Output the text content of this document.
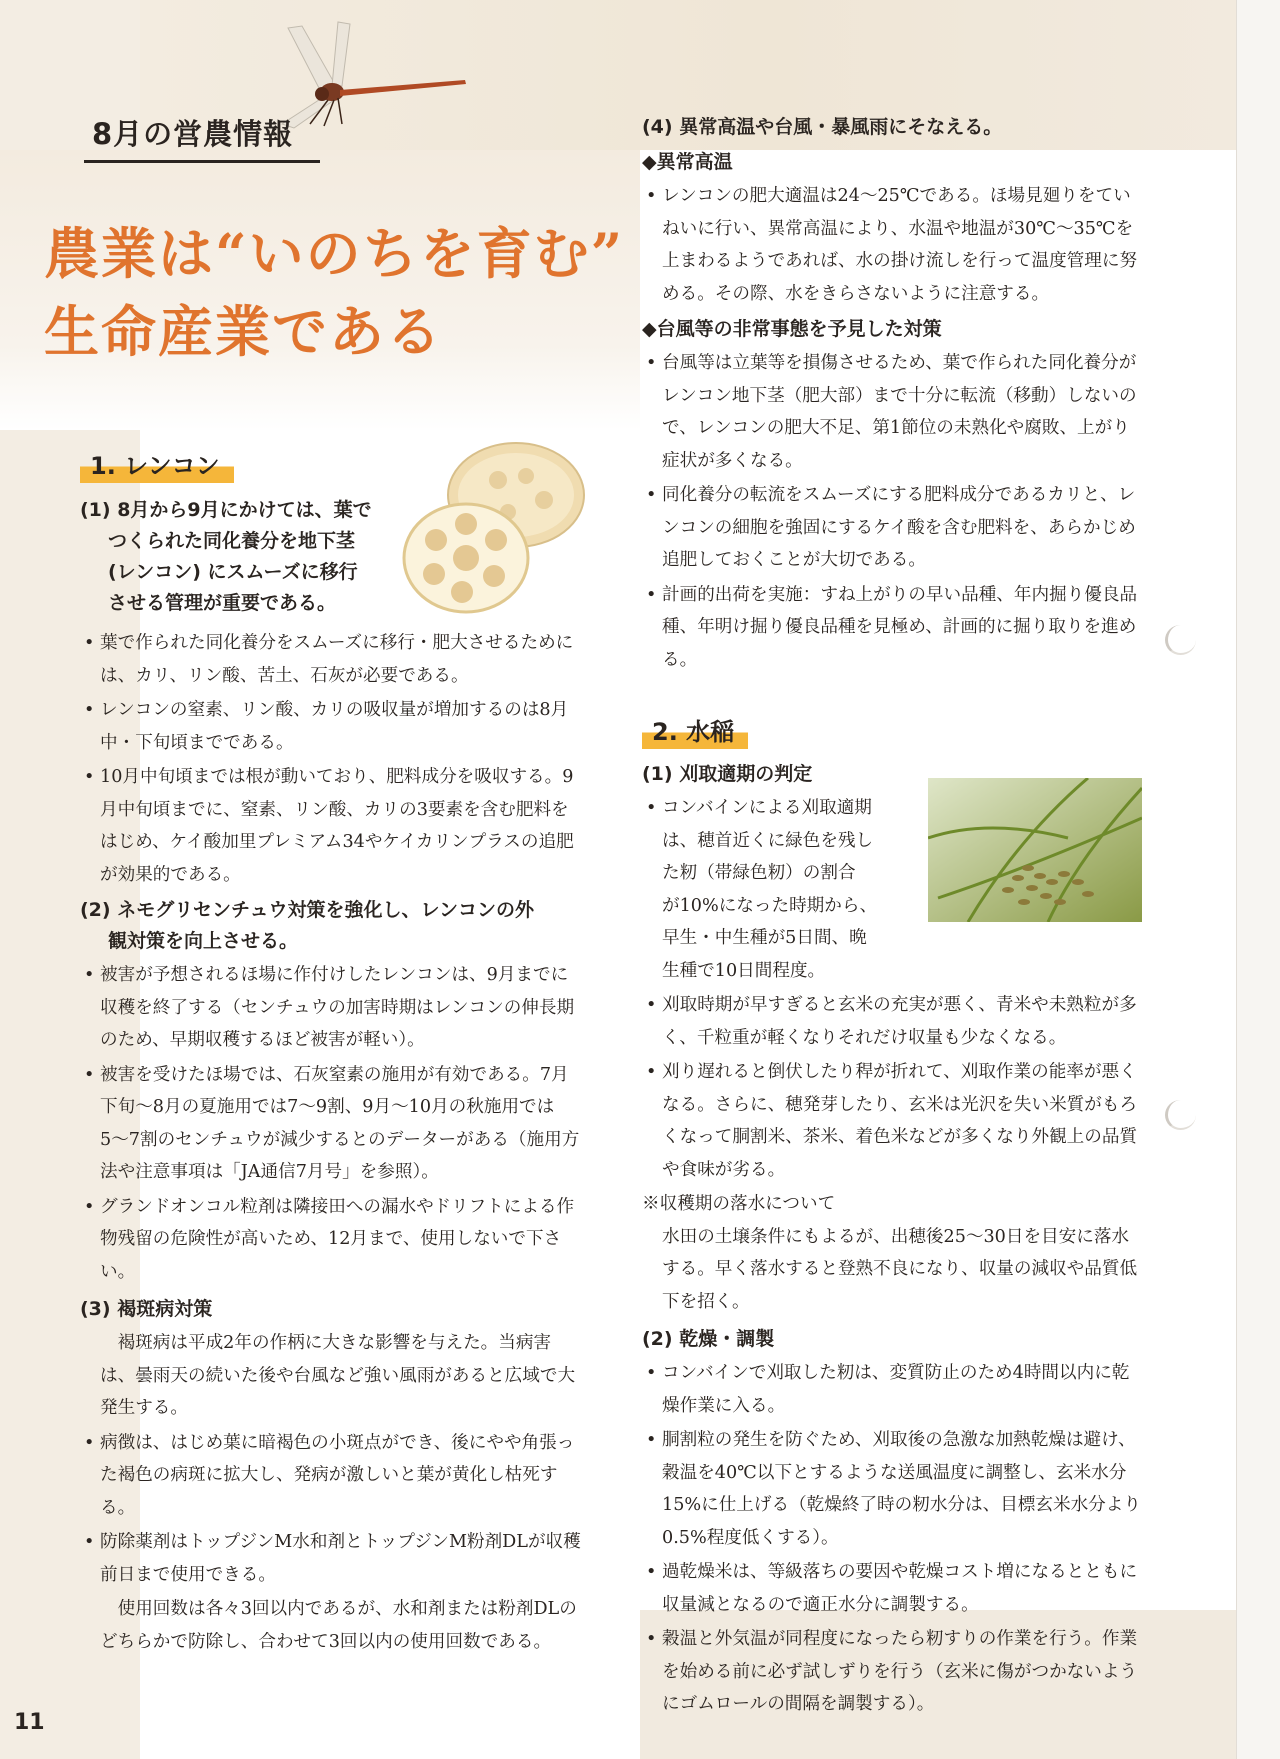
8月の営農情報
農業は“いのちを育む”
生命産業である
1. レンコン
(1) 8月から9月にかけては、葉で
つくられた同化養分を地下茎
(レンコン) にスムーズに移行
させる管理が重要である。
• 葉で作られた同化養分をスムーズに移行・肥大させるためには、カリ、リン酸、苦土、石灰が必要である。
• レンコンの窒素、リン酸、カリの吸収量が増加するのは8月中・下旬頃までである。
• 10月中旬頃までは根が動いており、肥料成分を吸収する。9月中旬頃までに、窒素、リン酸、カリの3要素を含む肥料をはじめ、ケイ酸加里プレミアム34やケイカリンプラスの追肥が効果的である。
(2) ネモグリセンチュウ対策を強化し、レンコンの外
観対策を向上させる。
• 被害が予想されるほ場に作付けしたレンコンは、9月までに収穫を終了する（センチュウの加害時期はレンコンの伸長期のため、早期収穫するほど被害が軽い）。
• 被害を受けたほ場では、石灰窒素の施用が有効である。7月下旬〜8月の夏施用では7〜9割、9月〜10月の秋施用では5〜7割のセンチュウが減少するとのデーターがある（施用方法や注意事項は「JA通信7月号」を参照）。
• グランドオンコル粒剤は隣接田への漏水やドリフトによる作物残留の危険性が高いため、12月まで、使用しないで下さい。
(3) 褐斑病対策
褐斑病は平成2年の作柄に大きな影響を与えた。当病害は、曇雨天の続いた後や台風など強い風雨があると広域で大発生する。
• 病徴は、はじめ葉に暗褐色の小斑点ができ、後にやや角張った褐色の病斑に拡大し、発病が激しいと葉が黄化し枯死する。
• 防除薬剤はトップジンM水和剤とトップジンM粉剤DLが収穫前日まで使用できる。
使用回数は各々3回以内であるが、水和剤または粉剤DLのどちらかで防除し、合わせて3回以内の使用回数である。
(4) 異常高温や台風・暴風雨にそなえる。
◆異常高温
• レンコンの肥大適温は24〜25℃である。ほ場見廻りをていねいに行い、異常高温により、水温や地温が30℃〜35℃を上まわるようであれば、水の掛け流しを行って温度管理に努める。その際、水をきらさないように注意する。
◆台風等の非常事態を予見した対策
• 台風等は立葉等を損傷させるため、葉で作られた同化養分がレンコン地下茎（肥大部）まで十分に転流（移動）しないので、レンコンの肥大不足、第1節位の未熟化や腐敗、上がり症状が多くなる。
• 同化養分の転流をスムーズにする肥料成分であるカリと、レンコンの細胞を強固にするケイ酸を含む肥料を、あらかじめ追肥しておくことが大切である。
• 計画的出荷を実施：すね上がりの早い品種、年内掘り優良品種、年明け掘り優良品種を見極め、計画的に掘り取りを進める。
2. 水稲
(1) 刈取適期の判定
• コンバインによる刈取適期
は、穂首近くに緑色を残し
た籾（帯緑色籾）の割合
が10%になった時期から、
早生・中生種が5日間、晩
生種で10日間程度。
• 刈取時期が早すぎると玄米の充実が悪く、青米や未熟粒が多く、千粒重が軽くなりそれだけ収量も少なくなる。
• 刈り遅れると倒伏したり稈が折れて、刈取作業の能率が悪くなる。さらに、穂発芽したり、玄米は光沢を失い米質がもろくなって胴割米、茶米、着色米などが多くなり外観上の品質や食味が劣る。
※収穫期の落水について
水田の土壌条件にもよるが、出穂後25〜30日を目安に落水する。早く落水すると登熟不良になり、収量の減収や品質低下を招く。
(2) 乾燥・調製
• コンバインで刈取した籾は、変質防止のため4時間以内に乾燥作業に入る。
• 胴割粒の発生を防ぐため、刈取後の急激な加熱乾燥は避け、穀温を40℃以下とするような送風温度に調整し、玄米水分15%に仕上げる（乾燥終了時の籾水分は、目標玄米水分より0.5%程度低くする）。
• 過乾燥米は、等級落ちの要因や乾燥コスト増になるとともに収量減となるので適正水分に調製する。
• 穀温と外気温が同程度になったら籾すりの作業を行う。作業を始める前に必ず試しずりを行う（玄米に傷がつかないようにゴムロールの間隔を調製する）。
11
